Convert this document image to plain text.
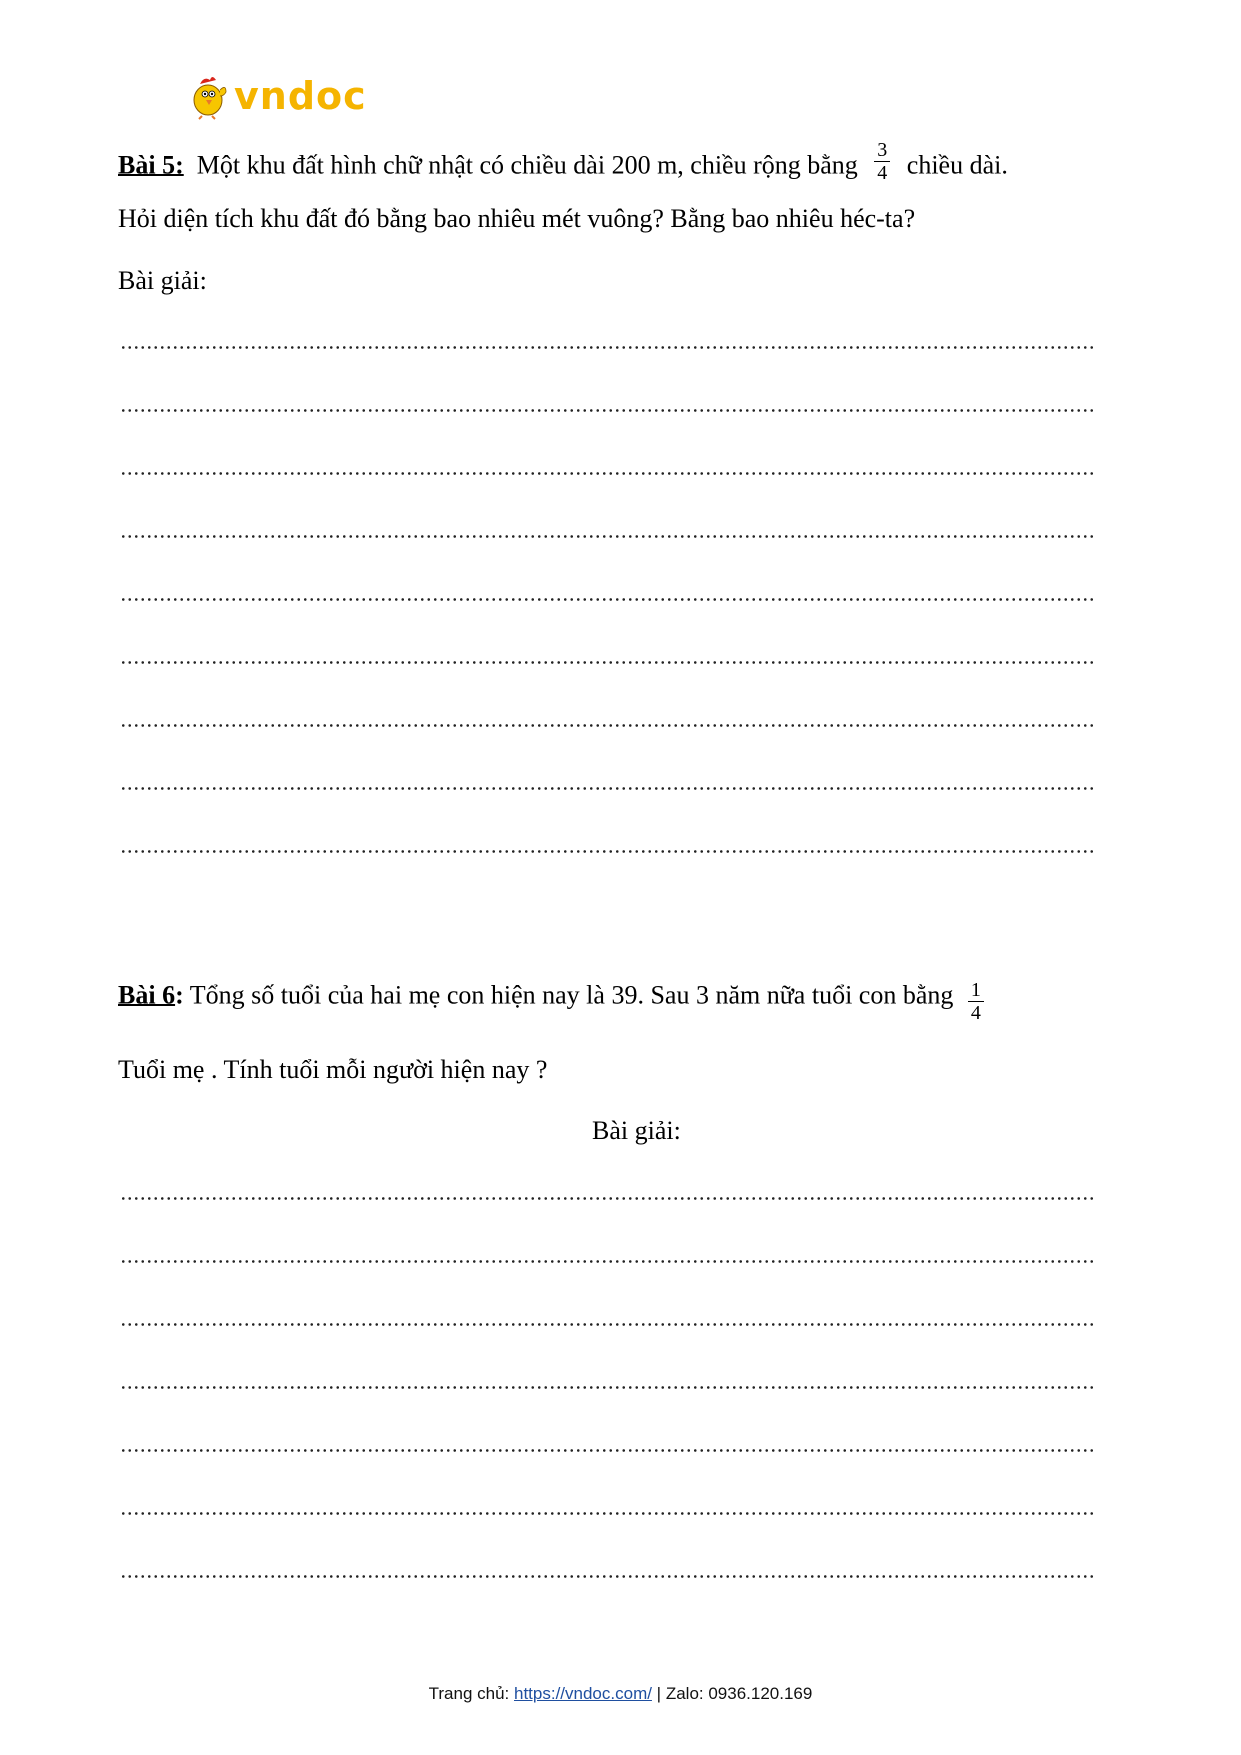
vndoc
Bài 5: Một khu đất hình chữ nhật có chiều dài 200 m, chiều rộng bằng $\frac{3}{4}$ chiều dài.
Hỏi diện tích khu đất đó bằng bao nhiêu mét vuông? Bằng bao nhiêu héc-ta?
Bài giải:
Bài 6: Tổng số tuổi của hai mẹ con hiện nay là 39. Sau 3 năm nữa tuổi con bằng $\frac{1}{4}$
Tuổi mẹ . Tính tuổi mỗi người hiện nay ?
Bài giải:
Trang chủ: https://vndoc.com/ | Zalo: 0936.120.169
